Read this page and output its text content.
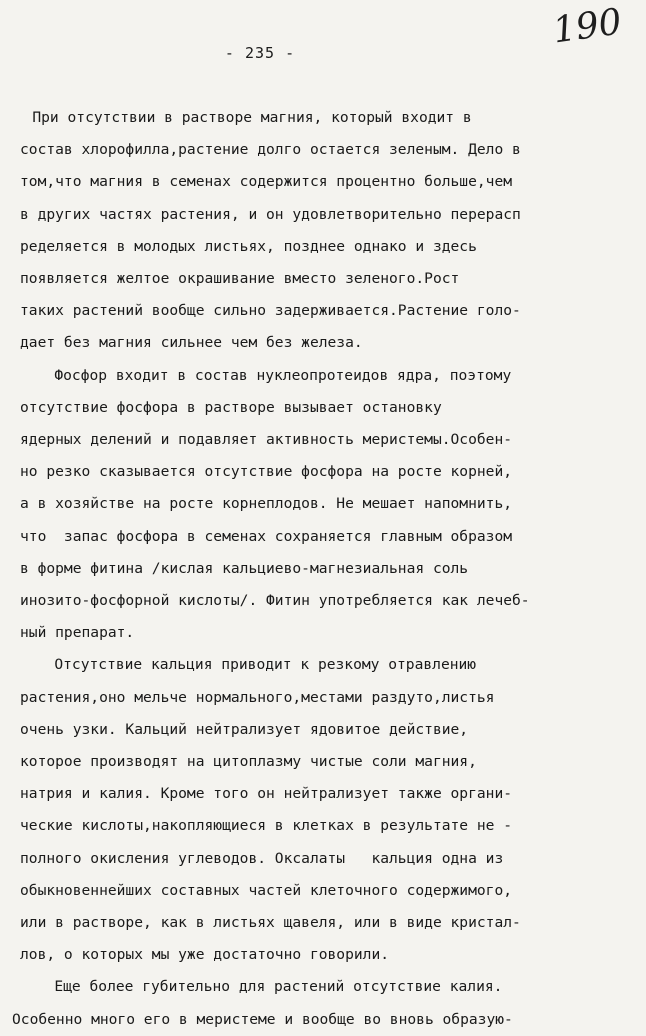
190
- 235 -
При отсутствии в растворе магния, который входит в
состав хлорофилла,растение долго остается зеленым. Дело в
том,что магния в семенах содержится процентно больше,чем
в других частях растения, и он удовлетворительно перерасп
ределяется в молодых листьях, позднее однако и здесь
появляется желтое окрашивание вместо зеленого.Рост
таких растений вообще сильно задерживается.Растение голо-
дает без магния сильнее чем без железа.
Фосфор входит в состав нуклеопротеидов ядра, поэтому
отсутствие фосфора в растворе вызывает остановку
ядерных делений и подавляет активность меристемы.Особен-
но резко сказывается отсутствие фосфора на росте корней,
а в хозяйстве на росте корнеплодов. Не мешает напомнить,
что  запас фосфора в семенах сохраняется главным образом
в форме фитина /кислая кальциево-магнезиальная соль
инозито-фосфорной кислоты/. Фитин употребляется как лечеб-
ный препарат.
Отсутствие кальция приводит к резкому отравлению
растения,оно мельче нормального,местами раздуто,листья
очень узки. Кальций нейтрализует ядовитое действие,
которое производят на цитоплазму чистые соли магния,
натрия и калия. Кроме того он нейтрализует также органи-
ческие кислоты,накопляющиеся в клетках в результате не -
полного окисления углеводов. Оксалаты   кальция одна из
обыкновеннейших составных частей клеточного содержимого,
или в растворе, как в листьях щавеля, или в виде кристал-
лов, о которых мы уже достаточно говорили.
Еще более губительно для растений отсутствие калия.
Особенно много его в меристеме и вообще во вновь образую-
